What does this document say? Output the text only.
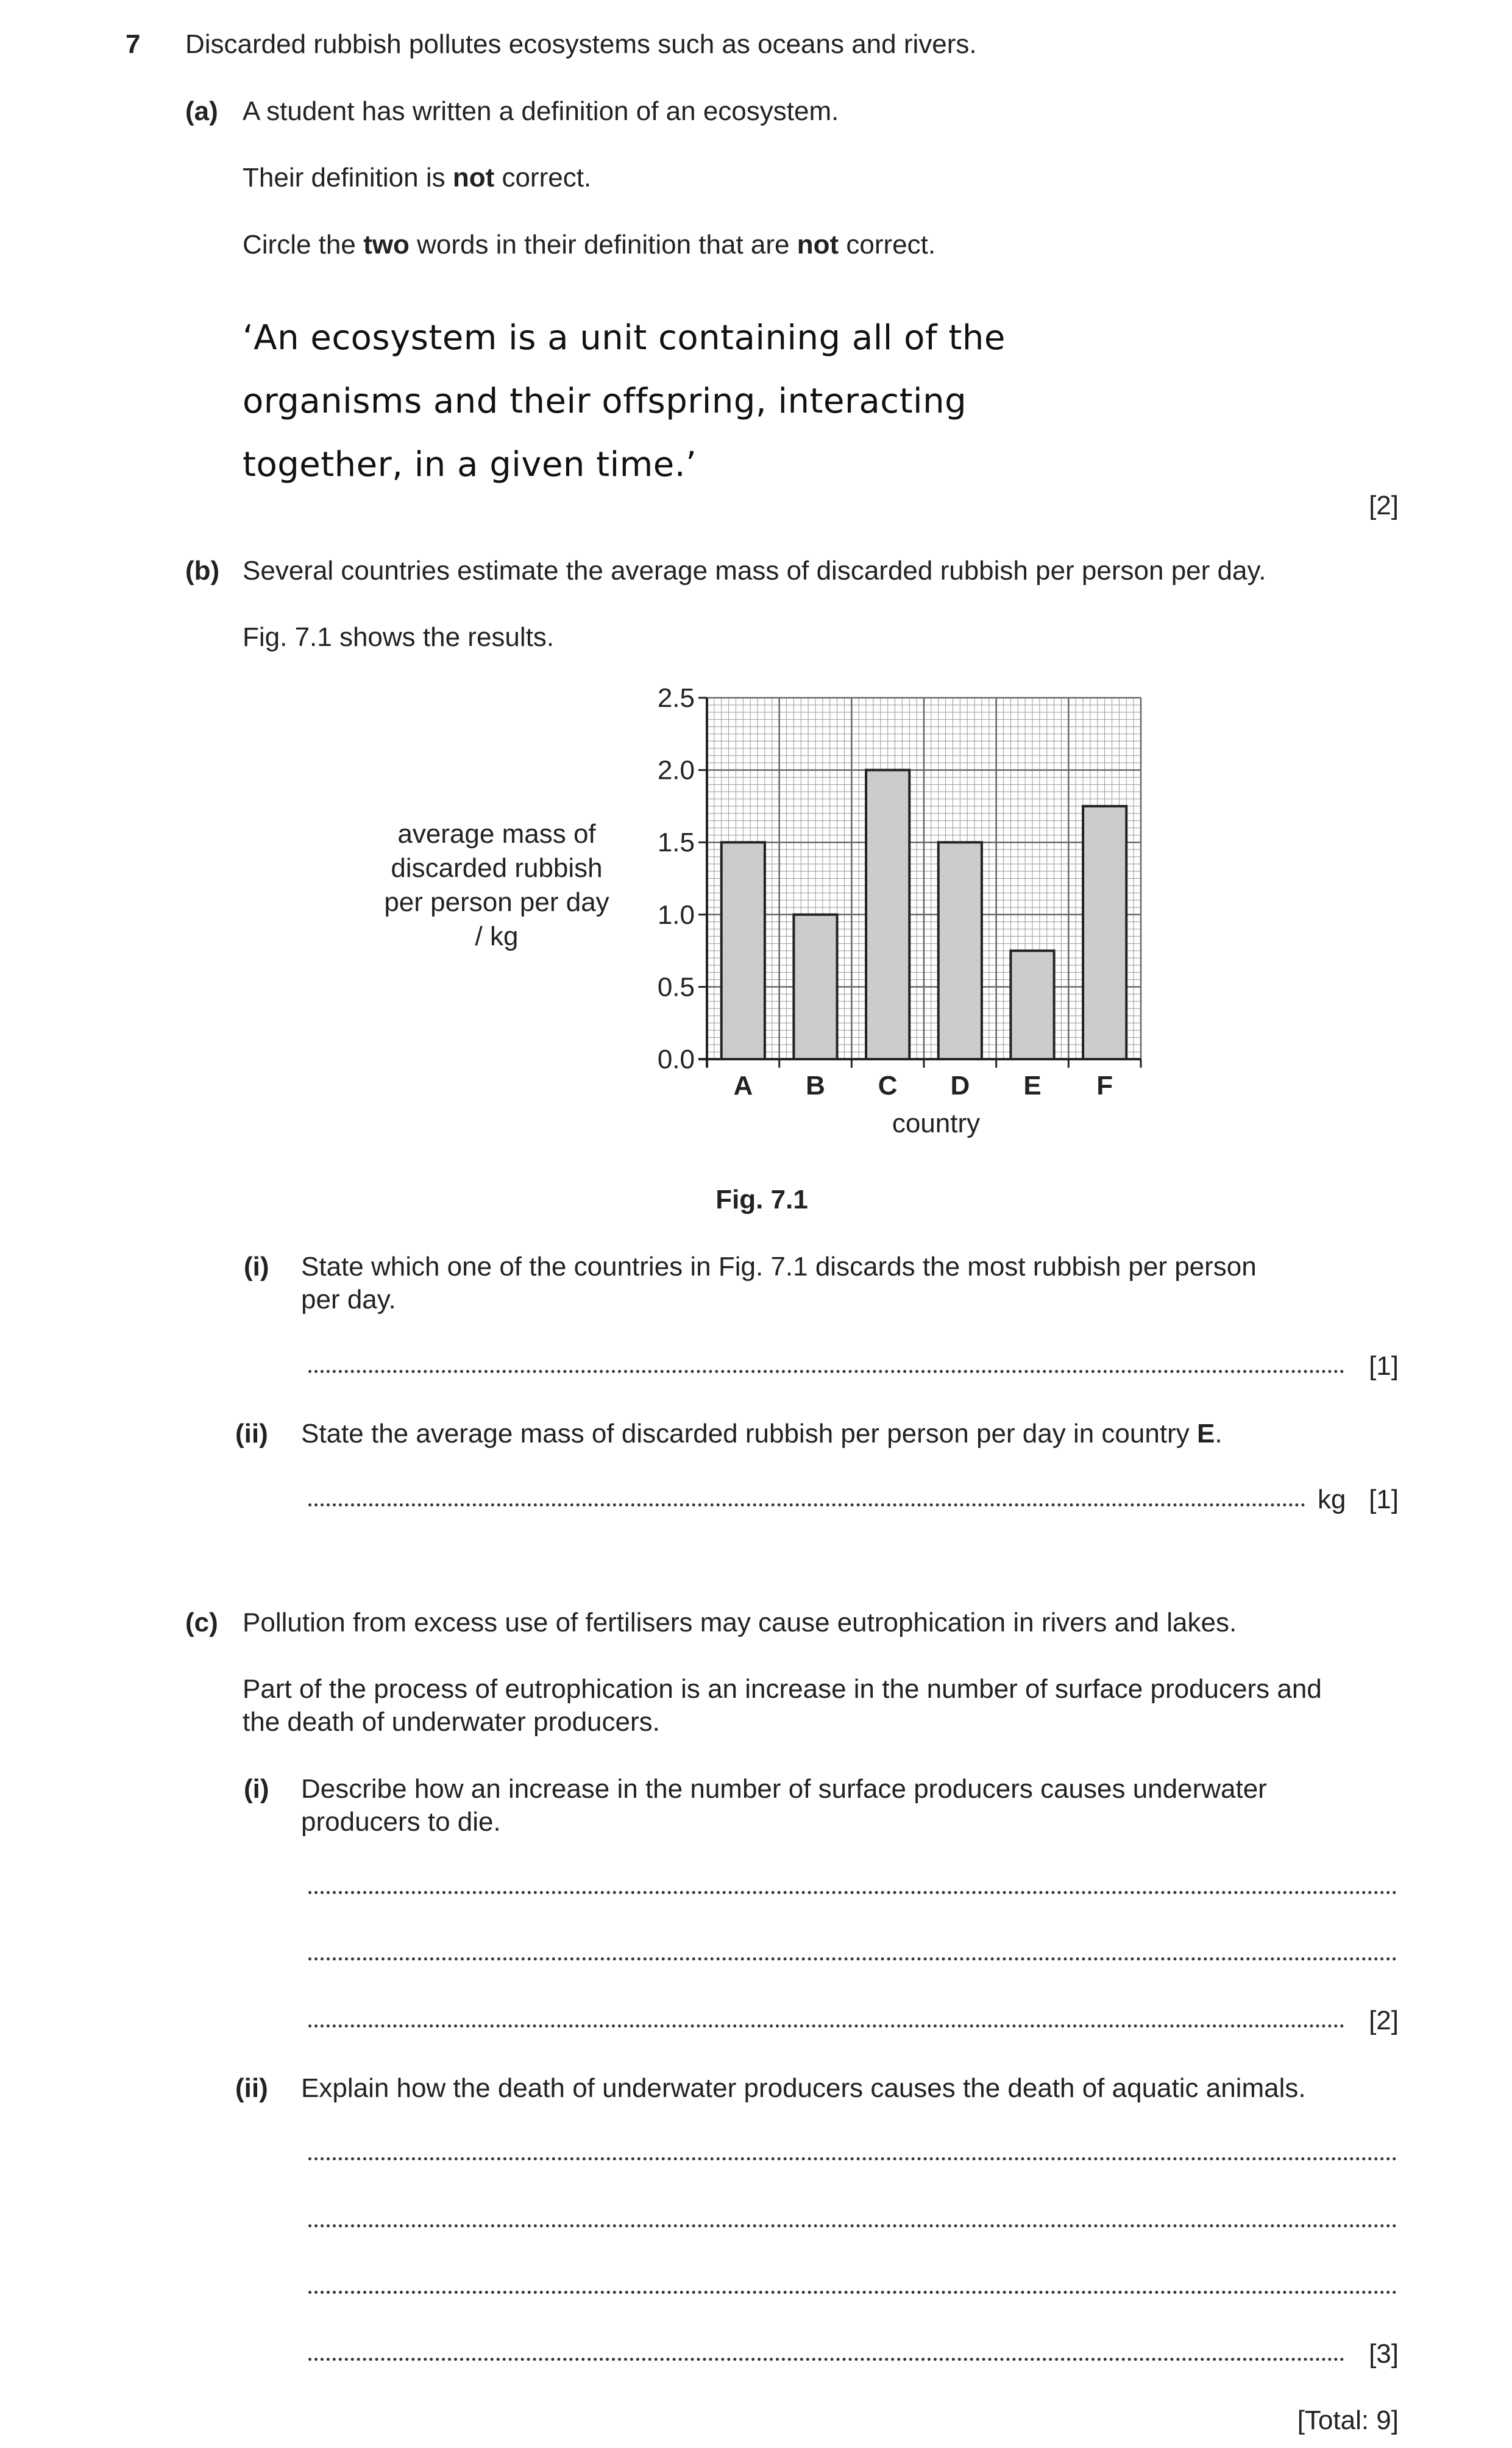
7 Discarded rubbish pollutes ecosystems such as oceans and rivers.
(a) A student has written a definition of an ecosystem.
Their definition is not correct.
Circle the two words in their definition that are not correct.
‘An ecosystem is a unit containing all of the
organisms and their offspring, interacting
together, in a given time.’
[2]
(b) Several countries estimate the average mass of discarded rubbish per person per day.
Fig. 7.1 shows the results.
A B C D E F
0.0
0.5
1.0
1.5
2.0
2.5
country
average mass of
discarded rubbish
per person per day
/ kg
Fig. 7.1
(i) State which one of the countries in Fig. 7.1 discards the most rubbish per person
per day.
[1]
(ii) State the average mass of discarded rubbish per person per day in country E.
kg [1]
(c) Pollution from excess use of fertilisers may cause eutrophication in rivers and lakes.
Part of the process of eutrophication is an increase in the number of surface producers and
the death of underwater producers.
(i) Describe how an increase in the number of surface producers causes underwater
producers to die.
[2]
(ii) Explain how the death of underwater producers causes the death of aquatic animals.
[3]
[Total: 9]
